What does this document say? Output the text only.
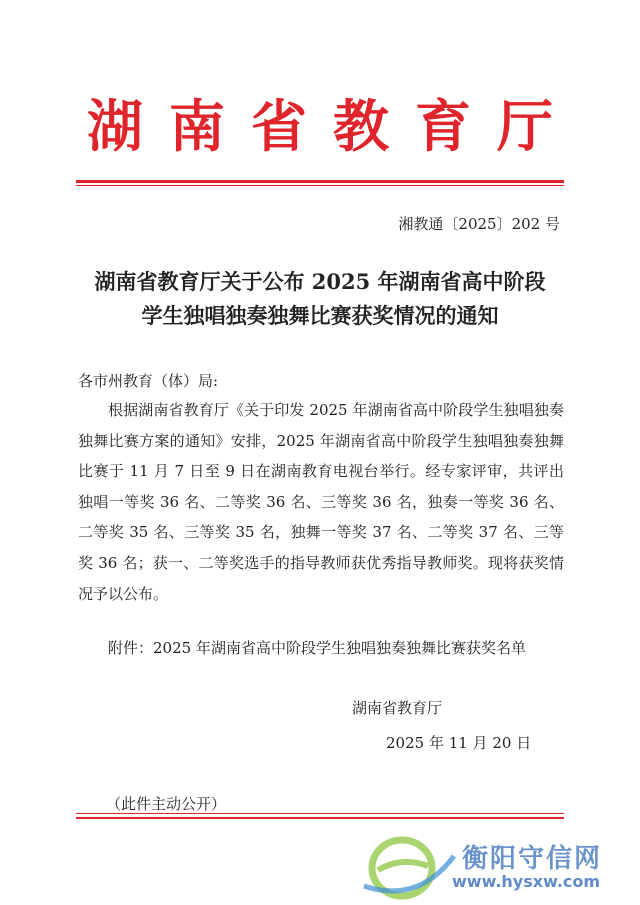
湖南省教育厅
湘教通〔2025〕202 号
湖南省教育厅关于公布 2025 年湖南省高中阶段
学生独唱独奏独舞比赛获奖情况的通知
各市州教育（体）局:
根据湖南省教育厅《关于印发 2025 年湖南省高中阶段学生独唱独奏独舞比赛方案的通知》安排，2025 年湖南省高中阶段学生独唱独奏独舞比赛于 11 月 7 日至 9 日在湖南教育电视台举行。经专家评审，共评出独唱一等奖 36 名、二等奖 36 名、三等奖 36 名，独奏一等奖 36 名、二等奖 35 名、三等奖 35 名，独舞一等奖 37 名、二等奖 37 名、三等奖 36 名；获一、二等奖选手的指导教师获优秀指导教师奖。现将获奖情况予以公布。
附件：2025 年湖南省高中阶段学生独唱独奏独舞比赛获奖名单
湖南省教育厅
2025 年 11 月 20 日
（此件主动公开）
衡阳守信网
www.hysxw.com
